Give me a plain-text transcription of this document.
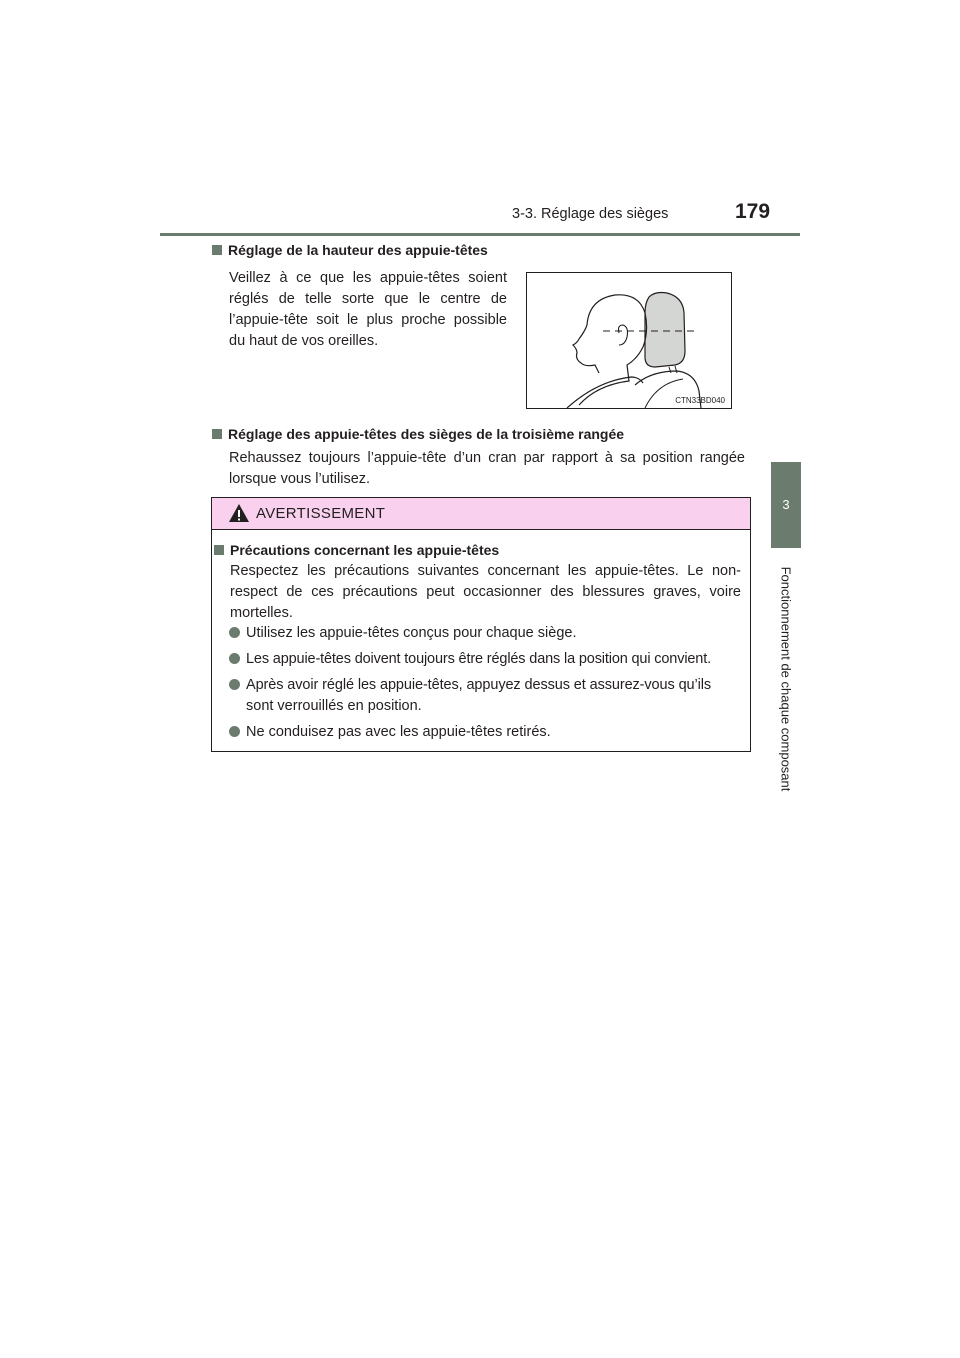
3-3. Réglage des sièges	179
3
Fonctionnement de chaque composant
Réglage de la hauteur des appuie-têtes
Veillez à ce que les appuie-têtes soient
réglés de telle sorte que le centre de
l’appuie-tête soit le plus proche possible
du haut de vos oreilles.
CTN33BD040
Réglage des appuie-têtes des sièges de la troisième rangée
Rehaussez toujours l’appuie-tête d’un cran par rapport à sa position rangée
lorsque vous l’utilisez.
AVERTISSEMENT
Précautions concernant les appuie-têtes
Respectez les précautions suivantes concernant les appuie-têtes. Le non-
respect de ces précautions peut occasionner des blessures graves, voire
mortelles.
Utilisez les appuie-têtes conçus pour chaque siège.
Les appuie-têtes doivent toujours être réglés dans la position qui convient.
Après avoir réglé les appuie-têtes, appuyez dessus et assurez-vous qu’ils
sont verrouillés en position.
Ne conduisez pas avec les appuie-têtes retirés.
